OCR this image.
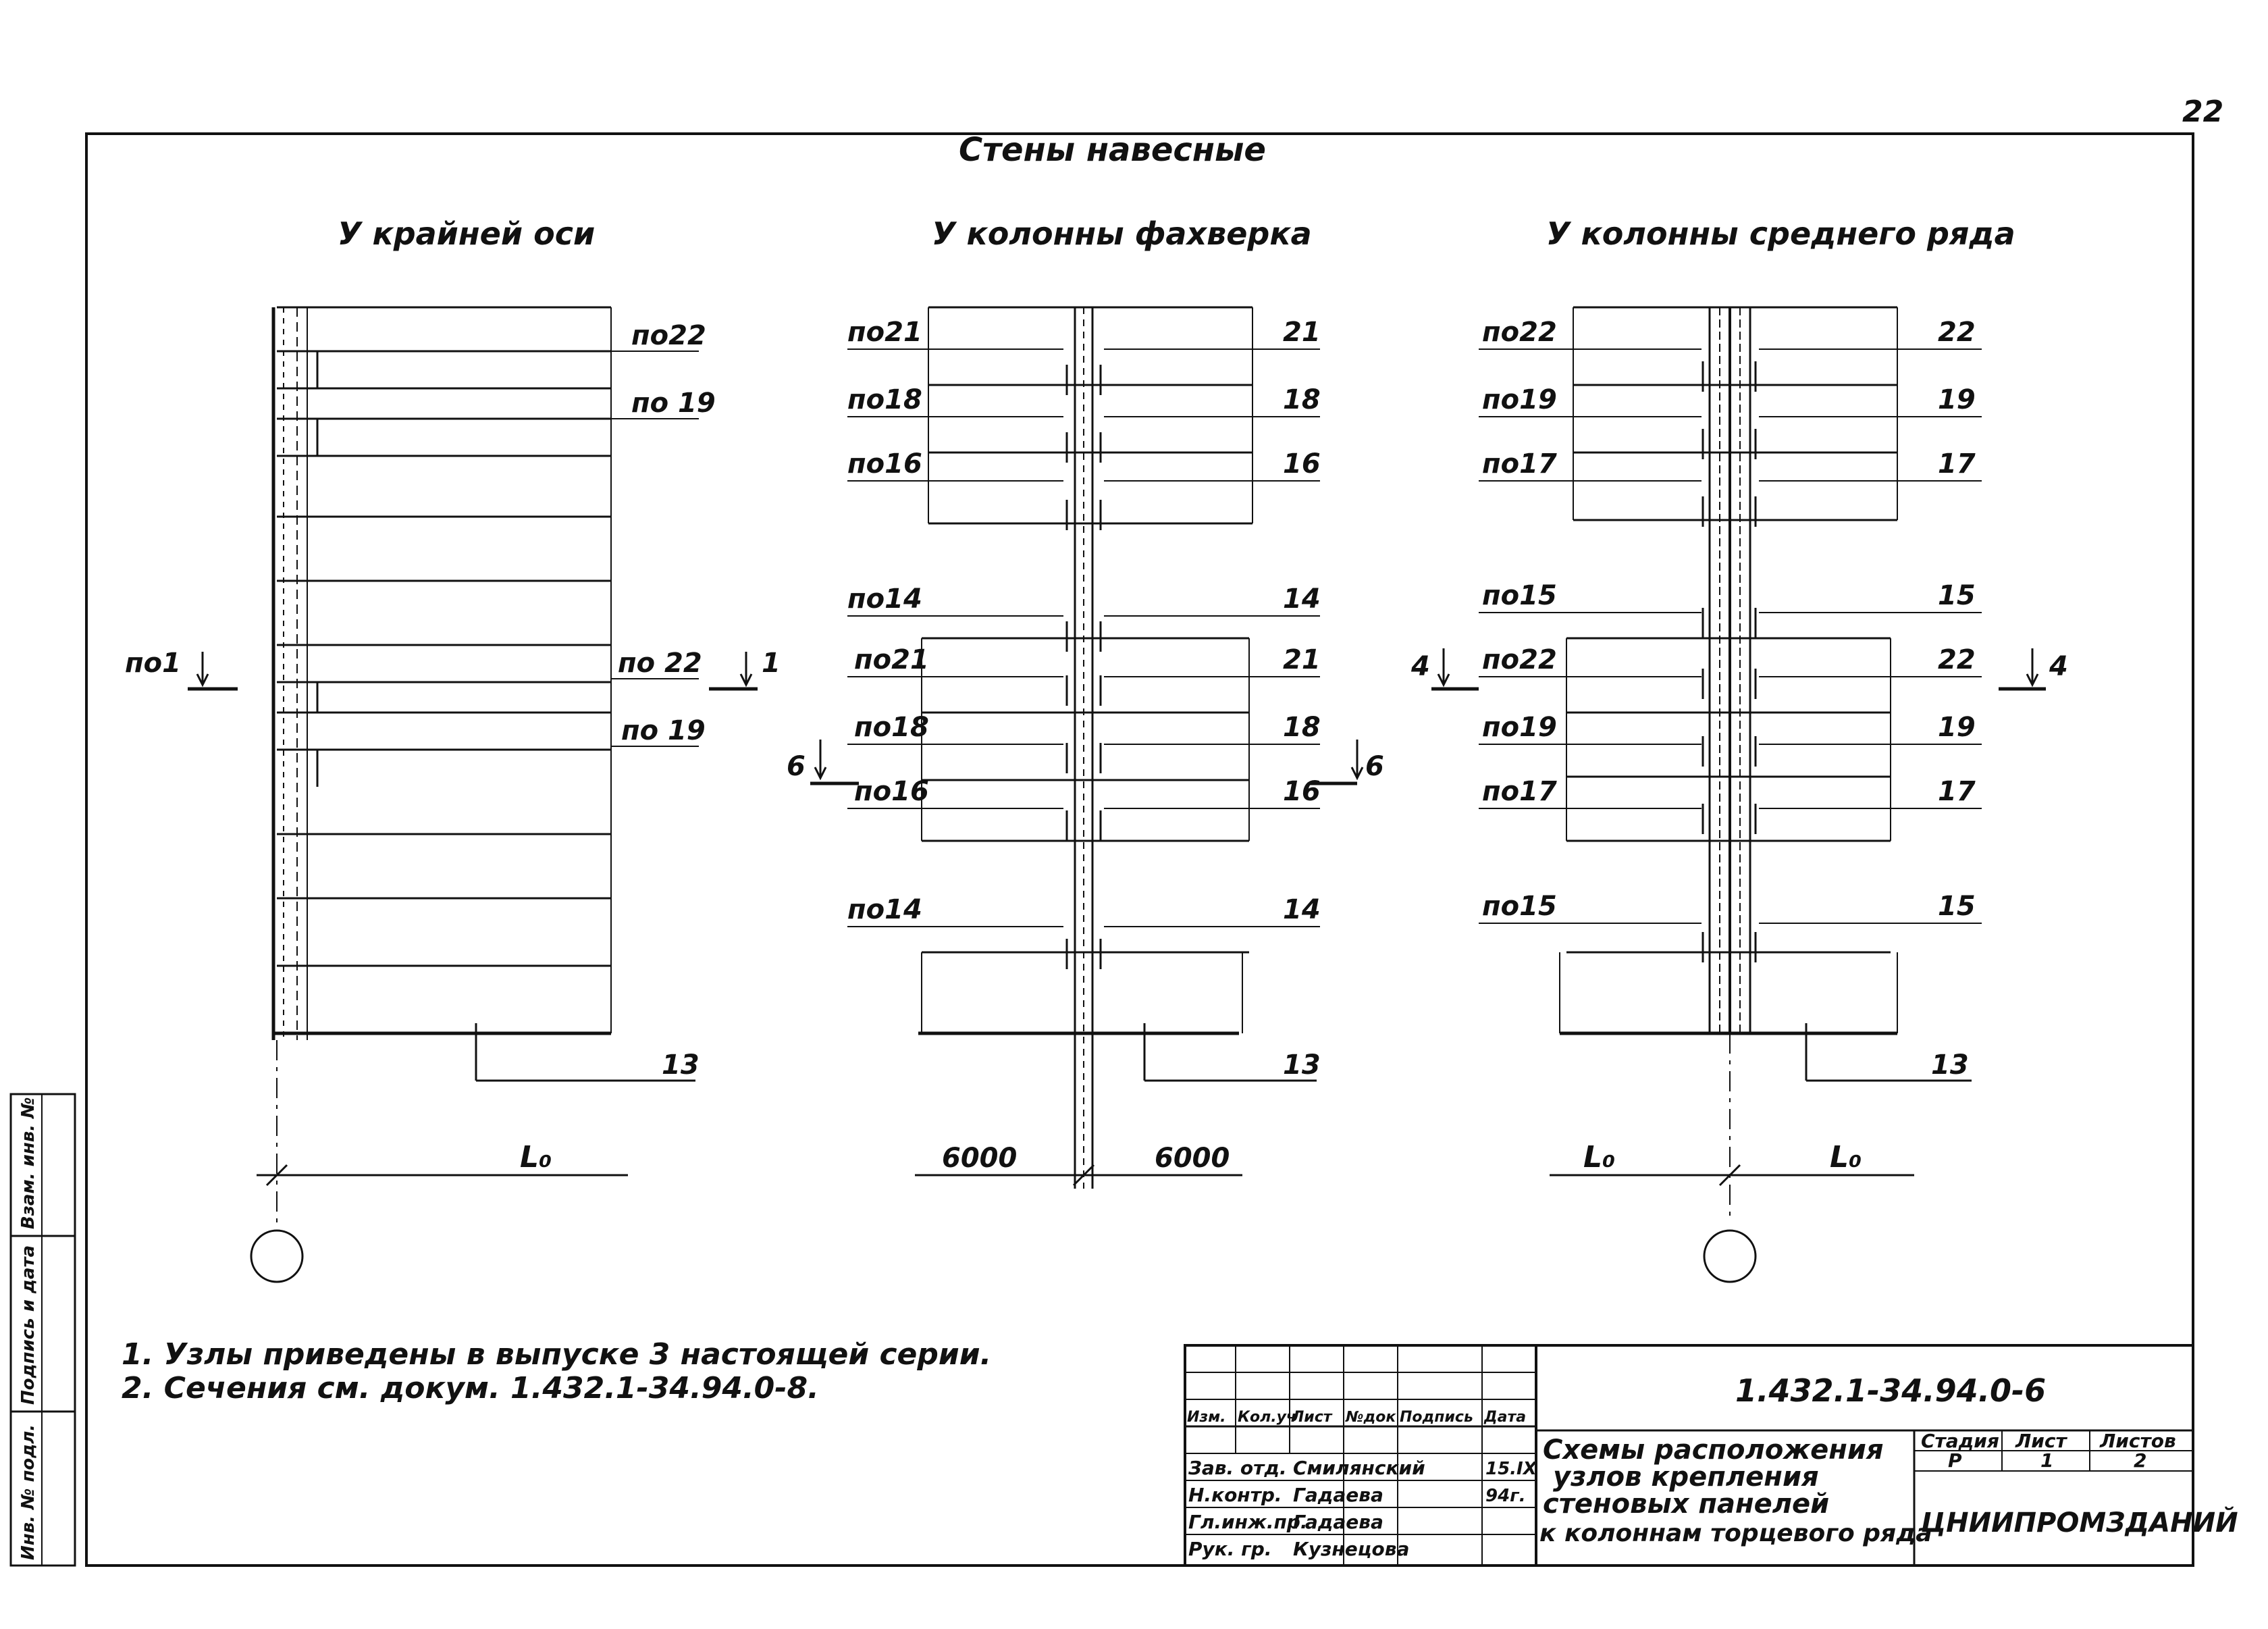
22
Инв. № подл.
Подпись и дата
Взам. инв. №
Стены навесные
У крайней оси	У колонны фахверка	У колонны среднего ряда
по22
по 19
по 22
по 19
13
по1	1
L₀
по21
по18
по16
по14
по21
по18
по16
по14
21
18
16
14
21
18
16
14
13
6	6
6000	6000
по22	22
по19	19
по17	17
по15	15
по22	22
по19	19
по17	17
по15	15
13
4	4
L₀	L₀
1. Узлы приведены в выпуске 3 настоящей серии.
2. Сечения см. докум. 1.432.1-34.94.0-8.	1.432.1-34.94.0-6
Изм. Кол.уч
Лист №док Подпись Дата
Зав. отд. Смилянский	15.IX
Н.контр. Гадаева	94г.
Гл.инж.пр.
Гадаева
Рук. гр. Кузнецова
Схемы расположения
узлов крепления
стеновых панелей
к колоннам торцевого ряда
Стадия Лист Листов
Р	1	2
ЦНИИПРОМЗДАНИЙ
